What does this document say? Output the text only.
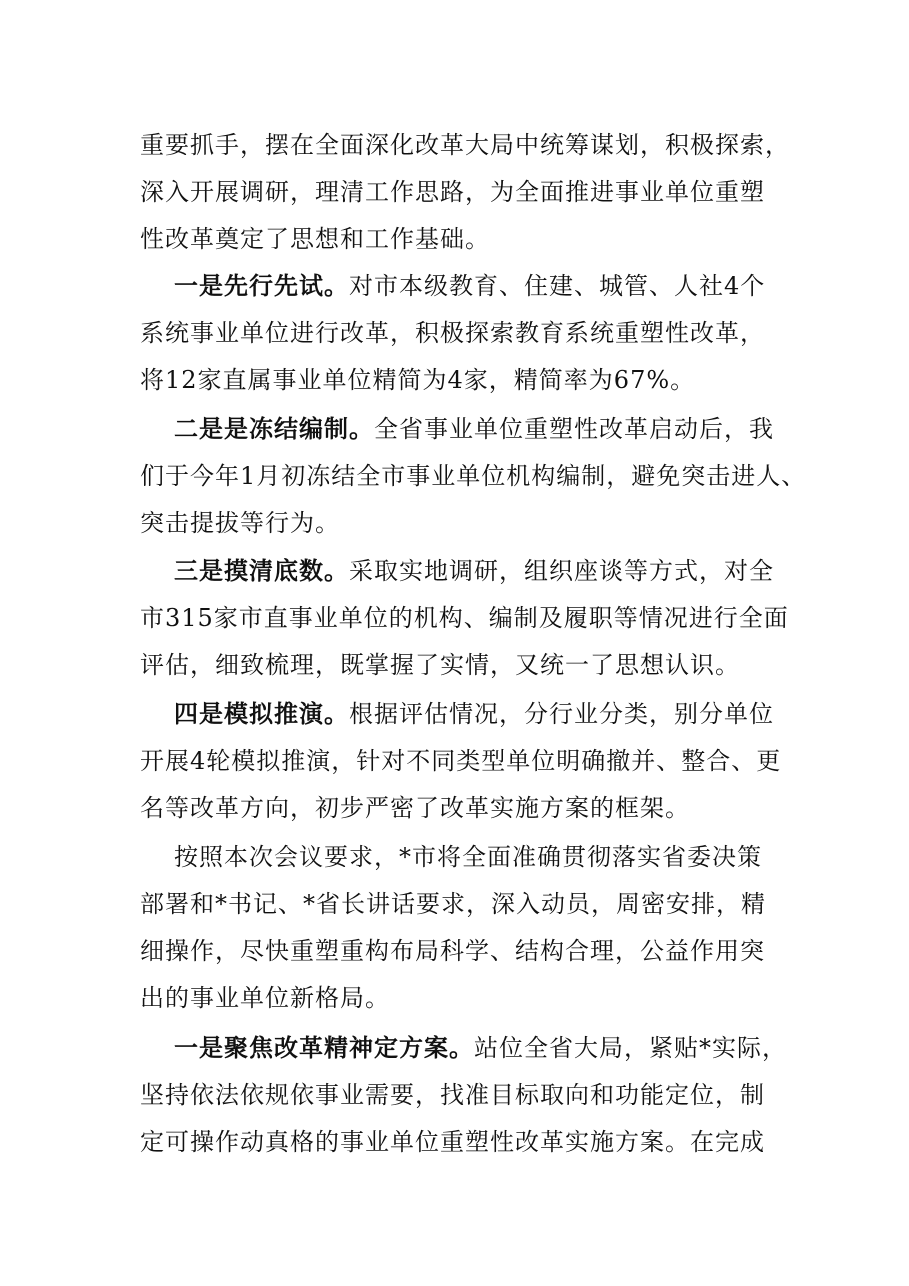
重要抓手，摆在全面深化改革大局中统筹谋划，积极探索，
深入开展调研，理清工作思路，为全面推进事业单位重塑
性改革奠定了思想和工作基础。
一是先行先试。对市本级教育、住建、城管、人社4个
系统事业单位进行改革，积极探索教育系统重塑性改革，
将12家直属事业单位精简为4家，精简率为67%。
二是是冻结编制。全省事业单位重塑性改革启动后，我
们于今年1月初冻结全市事业单位机构编制，避免突击进人、
突击提拔等行为。
三是摸清底数。采取实地调研，组织座谈等方式，对全
市315家市直事业单位的机构、编制及履职等情况进行全面
评估，细致梳理，既掌握了实情，又统一了思想认识。
四是模拟推演。根据评估情况，分行业分类，别分单位
开展4轮模拟推演，针对不同类型单位明确撤并、整合、更
名等改革方向，初步严密了改革实施方案的框架。
按照本次会议要求，*市将全面准确贯彻落实省委决策
部署和*书记、*省长讲话要求，深入动员，周密安排，精
细操作，尽快重塑重构布局科学、结构合理，公益作用突
出的事业单位新格局。
一是聚焦改革精神定方案。站位全省大局，紧贴*实际，
坚持依法依规依事业需要，找准目标取向和功能定位，制
定可操作动真格的事业单位重塑性改革实施方案。在完成
